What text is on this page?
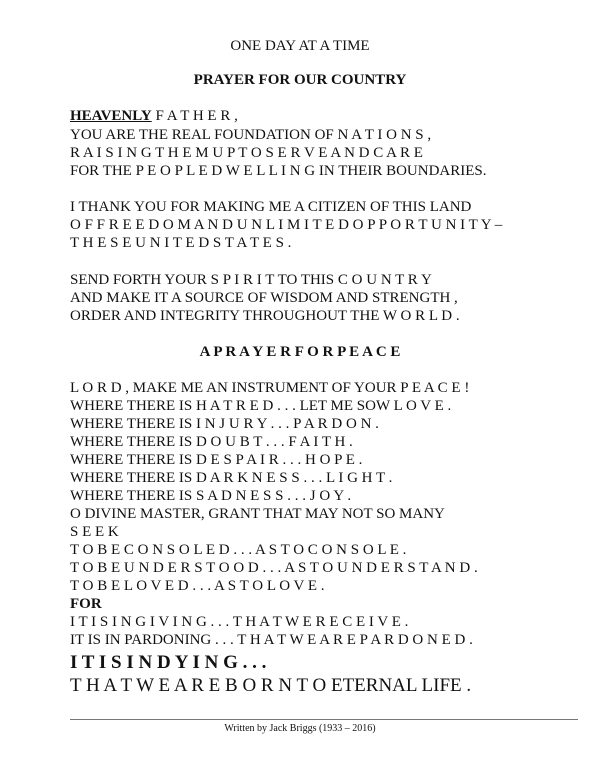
ONE DAY AT A TIME
PRAYER FOR OUR COUNTRY
HEAVENLY F A T H E R ,
YOU ARE THE REAL FOUNDATION OF N A T I O N S ,
R A I S I N G T H E M U P T O S E R V E A N D C A R E
FOR THE P E O P L E D W E L L I N G IN THEIR BOUNDARIES.
I THANK YOU FOR MAKING ME A CITIZEN OF THIS LAND
O F F R E E D O M A N D U N L I M I T E D O P P O R T U N I T Y –
T H E S E U N I T E D S T A T E S .
SEND FORTH YOUR S P I R I T TO THIS C O U N T R Y
AND MAKE IT A SOURCE OF WISDOM AND STRENGTH ,
ORDER AND INTEGRITY THROUGHOUT THE W O R L D .
A P R A Y E R F O R P E A C E
L O R D , MAKE ME AN INSTRUMENT OF YOUR P E A C E !
WHERE THERE IS H A T R E D . . . LET ME SOW L O V E .
WHERE THERE IS I N J U R Y . . . P A R D O N .
WHERE THERE IS D O U B T . . . F A I T H .
WHERE THERE IS D E S P A I R . . . H O P E .
WHERE THERE IS D A R K N E S S . . . L I G H T .
WHERE THERE IS S A D N E S S . . . J O Y .
O DIVINE MASTER, GRANT THAT MAY NOT SO MANY
S E E K
T O B E C O N S O L E D . . . A S T O C O N S O L E .
T O B E U N D E R S T O O D . . . A S T O U N D E R S T A N D .
T O B E L O V E D . . . A S T O L O V E .
FOR
I T I S I N G I V I N G . . . T H A T W E R E C E I V E .
IT IS IN PARDONING . . . T H A T W E A R E P A R D O N E D .
I T I S I N D Y I N G . . .
T H A T W E A R E B O R N T O ETERNAL LIFE .
Written by Jack Briggs (1933 – 2016)
